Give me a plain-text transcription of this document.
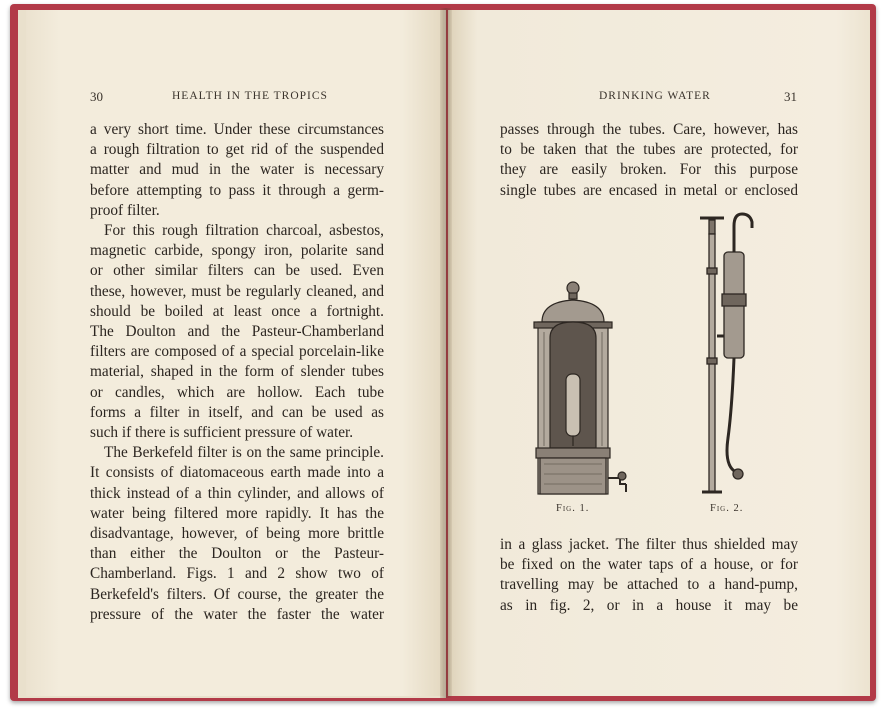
30	HEALTH IN THE TROPICS
a very short time. Under these circumstances
a rough filtration to get rid of the suspended
matter and mud in the water is necessary
before attempting to pass it through a germ-
proof filter.
For this rough filtration charcoal, asbestos,
magnetic carbide, spongy iron, polarite sand
or other similar filters can be used. Even
these, however, must be regularly cleaned, and
should be boiled at least once a fortnight.
The Doulton and the Pasteur-Chamberland
filters are composed of a special porcelain-like
material, shaped in the form of slender tubes
or candles, which are hollow. Each tube
forms a filter in itself, and can be used as
such if there is sufficient pressure of water.
The Berkefeld filter is on the same principle.
It consists of diatomaceous earth made into a
thick instead of a thin cylinder, and allows of
water being filtered more rapidly. It has the
disadvantage, however, of being more brittle
than either the Doulton or the Pasteur-
Chamberland. Figs. 1 and 2 show two of
Berkefeld's filters. Of course, the greater the
pressure of the water the faster the water
DRINKING WATER	31
passes through the tubes. Care, however, has
to be taken that the tubes are protected, for
they are easily broken. For this purpose
single tubes are encased in metal or enclosed
Fig. 1.	Fig. 2.
in a glass jacket. The filter thus shielded may
be fixed on the water taps of a house, or for
travelling may be attached to a hand-pump,
as in fig. 2, or in a house it may be
